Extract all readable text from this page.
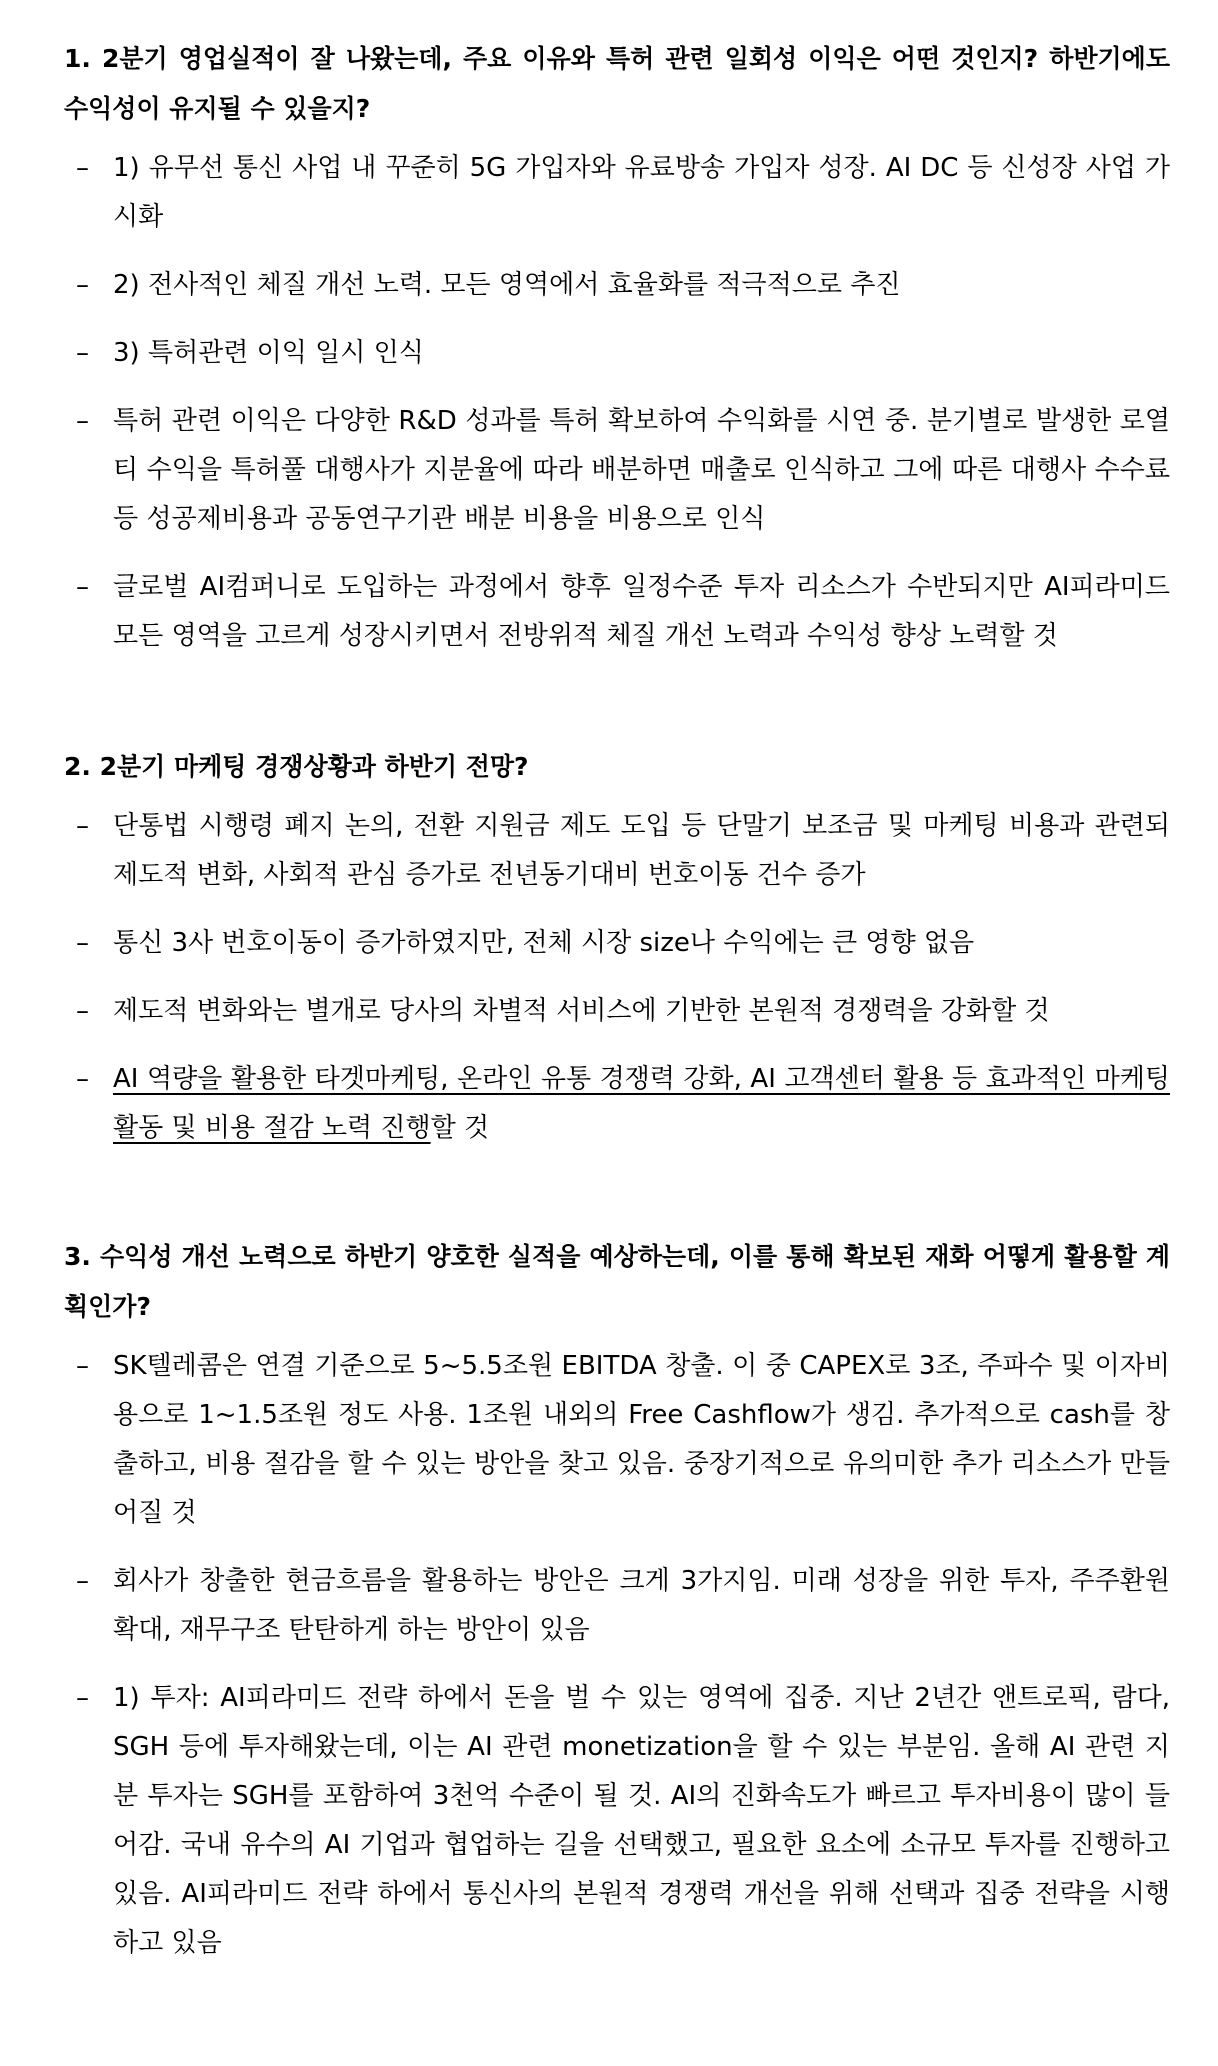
1. 2분기 영업실적이 잘 나왔는데, 주요 이유와 특허 관련 일회성 이익은 어떤 것인지? 하반기에도 수익성이 유지될 수 있을지?

– 1) 유무선 통신 사업 내 꾸준히 5G 가입자와 유료방송 가입자 성장. AI DC 등 신성장 사업 가시화
– 2) 전사적인 체질 개선 노력. 모든 영역에서 효율화를 적극적으로 추진
– 3) 특허관련 이익 일시 인식
– 특허 관련 이익은 다양한 R&D 성과를 특허 확보하여 수익화를 시연 중. 분기별로 발생한 로열티 수익을 특허풀 대행사가 지분율에 따라 배분하면 매출로 인식하고 그에 따른 대행사 수수료 등 성공제비용과 공동연구기관 배분 비용을 비용으로 인식
– 글로벌 AI컴퍼니로 도입하는 과정에서 향후 일정수준 투자 리소스가 수반되지만 AI피라미드 모든 영역을 고르게 성장시키면서 전방위적 체질 개선 노력과 수익성 향상 노력할 것

2. 2분기 마케팅 경쟁상황과 하반기 전망?

– 단통법 시행령 폐지 논의, 전환 지원금 제도 도입 등 단말기 보조금 및 마케팅 비용과 관련되 제도적 변화, 사회적 관심 증가로 전년동기대비 번호이동 건수 증가
– 통신 3사 번호이동이 증가하였지만, 전체 시장 size나 수익에는 큰 영향 없음
– 제도적 변화와는 별개로 당사의 차별적 서비스에 기반한 본원적 경쟁력을 강화할 것
– AI 역량을 활용한 타겟마케팅, 온라인 유통 경쟁력 강화, AI 고객센터 활용 등 효과적인 마케팅 활동 및 비용 절감 노력 진행할 것

3. 수익성 개선 노력으로 하반기 양호한 실적을 예상하는데, 이를 통해 확보된 재화 어떻게 활용할 계획인가?

– SK텔레콤은 연결 기준으로 5~5.5조원 EBITDA 창출. 이 중 CAPEX로 3조, 주파수 및 이자비용으로 1~1.5조원 정도 사용. 1조원 내외의 Free Cashflow가 생김. 추가적으로 cash를 창출하고, 비용 절감을 할 수 있는 방안을 찾고 있음. 중장기적으로 유의미한 추가 리소스가 만들어질 것
– 회사가 창출한 현금흐름을 활용하는 방안은 크게 3가지임. 미래 성장을 위한 투자, 주주환원 확대, 재무구조 탄탄하게 하는 방안이 있음
– 1) 투자: AI피라미드 전략 하에서 돈을 벌 수 있는 영역에 집중. 지난 2년간 앤트로픽, 람다, SGH 등에 투자해왔는데, 이는 AI 관련 monetization을 할 수 있는 부분임. 올해 AI 관련 지분 투자는 SGH를 포함하여 3천억 수준이 될 것. AI의 진화속도가 빠르고 투자비용이 많이 들어감. 국내 유수의 AI 기업과 협업하는 길을 선택했고, 필요한 요소에 소규모 투자를 진행하고 있음. AI피라미드 전략 하에서 통신사의 본원적 경쟁력 개선을 위해 선택과 집중 전략을 시행하고 있음
